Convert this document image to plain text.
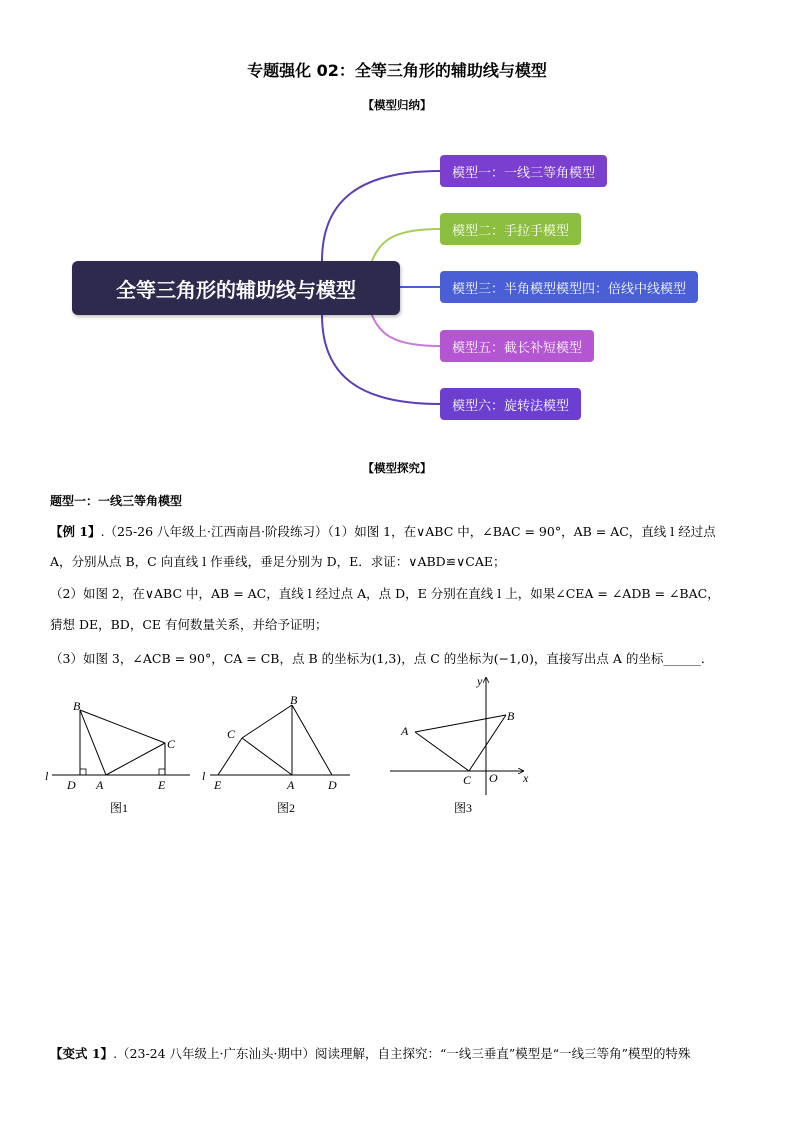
专题强化 02：全等三角形的辅助线与模型
【模型归纳】
全等三角形的辅助线与模型
模型一：一线三等角模型
模型二：手拉手模型
模型三：半角模型模型四：倍线中线模型
模型五：截长补短模型
模型六：旋转法模型
【模型探究】
题型一：一线三等角模型
【例 1】.（25-26 八年级上·江西南昌·阶段练习）（1）如图 1，在∨ABC 中，∠BAC = 90°，AB = AC，直线 l 经过点
A，分别从点 B，C 向直线 l 作垂线，垂足分别为 D，E．求证：∨ABD≌∨CAE；
（2）如图 2，在∨ABC 中，AB = AC，直线 l 经过点 A，点 D，E 分别在直线 l 上，如果∠CEA = ∠ADB = ∠BAC，
猜想 DE，BD，CE 有何数量关系，并给予证明；
（3）如图 3，∠ACB = 90°，CA = CB，点 B 的坐标为(1,3)，点 C 的坐标为(−1,0)，直接写出点 A 的坐标______．
B
C
l
D A	E
图1
B
C
l
E	A	D
图2
y
x
A
B
C O
图3
【变式 1】.（23-24 八年级上·广东汕头·期中）阅读理解，自主探究：“一线三垂直”模型是“一线三等角”模型的特殊
